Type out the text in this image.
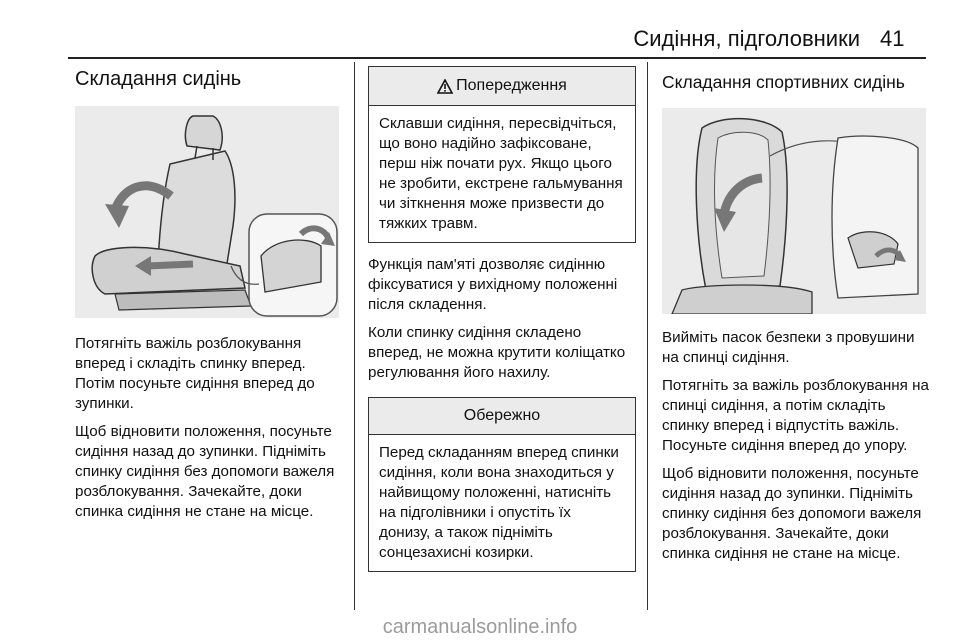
Сидіння, підголовники 41
Складання сидінь

Потягніть важіль розблокування вперед і складіть спинку вперед. Потім посуньте сидіння вперед до зупинки.

Щоб відновити положення, посуньте сидіння назад до зупинки. Підніміть спинку сидіння без допомоги важеля розблокування. Зачекайте, доки спинка сидіння не стане на місце.

Попередження

Склавши сидіння, пересвідчіться, що воно надійно зафіксоване, перш ніж почати рух. Якщо цього не зробити, екстрене гальмування чи зіткнення може призвести до тяжких травм.

Функція пам'яті дозволяє сидінню фіксуватися у вихідному положенні після складення.

Коли спинку сидіння складено вперед, не можна крутити коліщатко регулювання його нахилу.

Обережно

Перед складанням вперед спинки сидіння, коли вона знаходиться у найвищому положенні, натисніть на підголівники і опустіть їх донизу, а також підніміть сонцезахисні козирки.

Складання спортивних сидінь

Вийміть пасок безпеки з провушини на спинці сидіння.

Потягніть за важіль розблокування на спинці сидіння, а потім складіть спинку вперед і відпустіть важіль. Посуньте сидіння вперед до упору.

Щоб відновити положення, посуньте сидіння назад до зупинки. Підніміть спинку сидіння без допомоги важеля розблокування. Зачекайте, доки спинка сидіння не стане на місце.

carmanualsonline.info
